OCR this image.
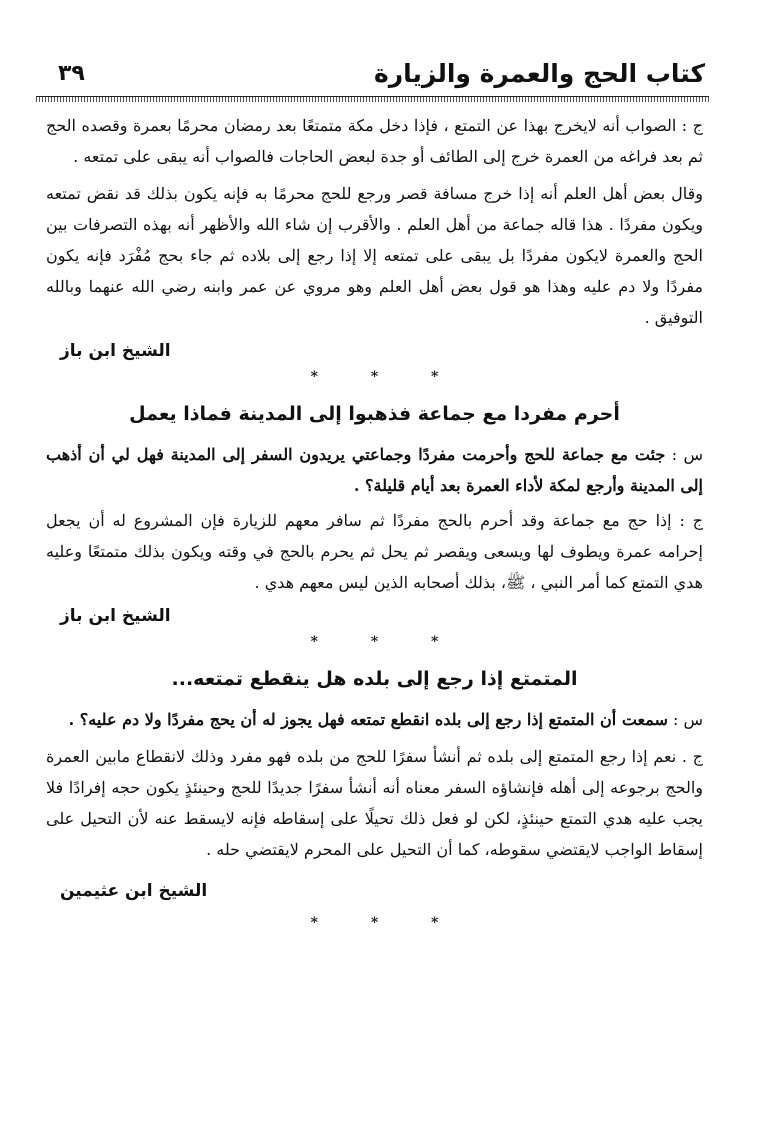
كتاب الحج والعمرة والزيارة
٣٩

ج : الصواب أنه لايخرج بهذا عن التمتع ، فإذا دخل مكة متمتعًا بعد رمضان محرمًا بعمرة وقصده الحج ثم بعد فراغه من العمرة خرج إلى الطائف أو جدة لبعض الحاجات فالصواب أنه يبقى على تمتعه .

وقال بعض أهل العلم أنه إذا خرج مسافة قصر ورجع للحج محرمًا به فإنه يكون بذلك قد نقض تمتعه ويكون مفردًا . هذا قاله جماعة من أهل العلم . والأقرب إن شاء الله والأظهر أنه بهذه التصرفات بين الحج والعمرة لايكون مفردًا بل يبقى على تمتعه إلا إذا رجع إلى بلاده ثم جاء بحج مُفْرَد فإنه يكون مفردًا ولا دم عليه وهذا هو قول بعض أهل العلم وهو مروي عن عمر وابنه رضي الله عنهما وبالله التوفيق .

الشيخ ابن باز
* * *
أحرم مفردا مع جماعة فذهبوا إلى المدينة فماذا يعمل

س : جئت مع جماعة للحج وأحرمت مفردًا وجماعتي يريدون السفر إلى المدينة فهل لي أن أذهب إلى المدينة وأرجع لمكة لأداء العمرة بعد أيام قليلة؟ .

ج : إذا حج مع جماعة وقد أحرم بالحج مفردًا ثم سافر معهم للزيارة فإن المشروع له أن يجعل إحرامه عمرة ويطوف لها ويسعى ويقصر ثم يحل ثم يحرم بالحج في وقته ويكون بذلك متمتعًا وعليه هدي التمتع كما أمر النبي ، ﷺ، بذلك أصحابه الذين ليس معهم هدي .

الشيخ ابن باز
* * *
المتمتع إذا رجع إلى بلده هل ينقطع تمتعه...

س : سمعت أن المتمتع إذا رجع إلى بلده انقطع تمتعه فهل يجوز له أن يحج مفردًا ولا دم عليه؟ .

ج . نعم إذا رجع المتمتع إلى بلده ثم أنشأ سفرًا للحج من بلده فهو مفرد وذلك لانقطاع مابين العمرة والحج برجوعه إلى أهله فإنشاؤه السفر معناه أنه أنشأ سفرًا جديدًا للحج وحينئذٍ يكون حجه إفرادًا فلا يجب عليه هدي التمتع حينئذٍ، لكن لو فعل ذلك تحيلًا على إسقاطه فإنه لايسقط عنه لأن التحيل على إسقاط الواجب لايقتضي سقوطه، كما أن التحيل على المحرم لايقتضي حله .

الشيخ ابن عثيمين
* * *
